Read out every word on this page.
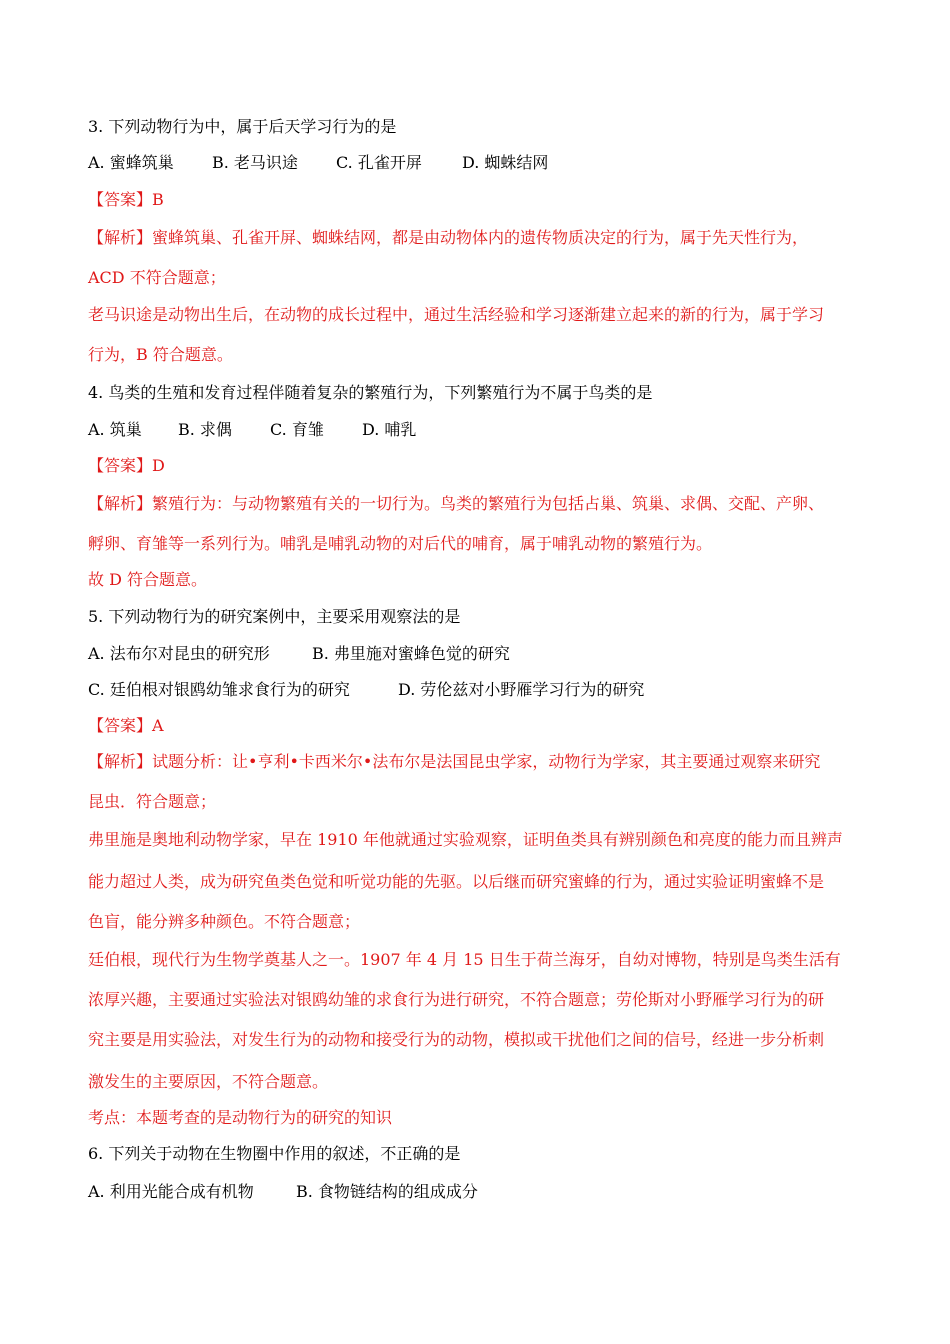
3. 下列动物行为中，属于后天学习行为的是
A. 蜜蜂筑巢 B. 老马识途 C. 孔雀开屏	D. 蜘蛛结网
【答案】B
【解析】蜜蜂筑巢、孔雀开屏、蜘蛛结网，都是由动物体内的遗传物质决定的行为，属于先天性行为，
ACD 不符合题意；
老马识途是动物出生后，在动物的成长过程中，通过生活经验和学习逐渐建立起来的新的行为，属于学习
行为，B 符合题意。
4. 鸟类的生殖和发育过程伴随着复杂的繁殖行为，下列繁殖行为不属于鸟类的是
A. 筑巢 B. 求偶 C. 育雏 D. 哺乳
【答案】D
【解析】繁殖行为：与动物繁殖有关的一切行为。鸟类的繁殖行为包括占巢、筑巢、求偶、交配、产卵、
孵卵、育雏等一系列行为。哺乳是哺乳动物的对后代的哺育，属于哺乳动物的繁殖行为。
故 D 符合题意。
5. 下列动物行为的研究案例中，主要采用观察法的是
A. 法布尔对昆虫的研究形	B. 弗里施对蜜蜂色觉的研究
C. 廷伯根对银鸥幼雏求食行为的研究	D. 劳伦兹对小野雁学习行为的研究
【答案】A
【解析】试题分析：让•亨利•卡西米尔•法布尔是法国昆虫学家，动物行为学家，其主要通过观察来研究
昆虫．符合题意；
弗里施是奥地利动物学家，早在 1910 年他就通过实验观察，证明鱼类具有辨别颜色和亮度的能力而且辨声
能力超过人类，成为研究鱼类色觉和听觉功能的先驱。以后继而研究蜜蜂的行为，通过实验证明蜜蜂不是
色盲，能分辨多种颜色。不符合题意；
廷伯根，现代行为生物学奠基人之一。1907 年 4 月 15 日生于荷兰海牙，自幼对博物，特别是鸟类生活有
浓厚兴趣，主要通过实验法对银鸥幼雏的求食行为进行研究，不符合题意；劳伦斯对小野雁学习行为的研
究主要是用实验法，对发生行为的动物和接受行为的动物，模拟或干扰他们之间的信号，经进一步分析刺
激发生的主要原因，不符合题意。
考点：本题考查的是动物行为的研究的知识
6. 下列关于动物在生物圈中作用的叙述，不正确的是
A. 利用光能合成有机物	B. 食物链结构的组成成分
